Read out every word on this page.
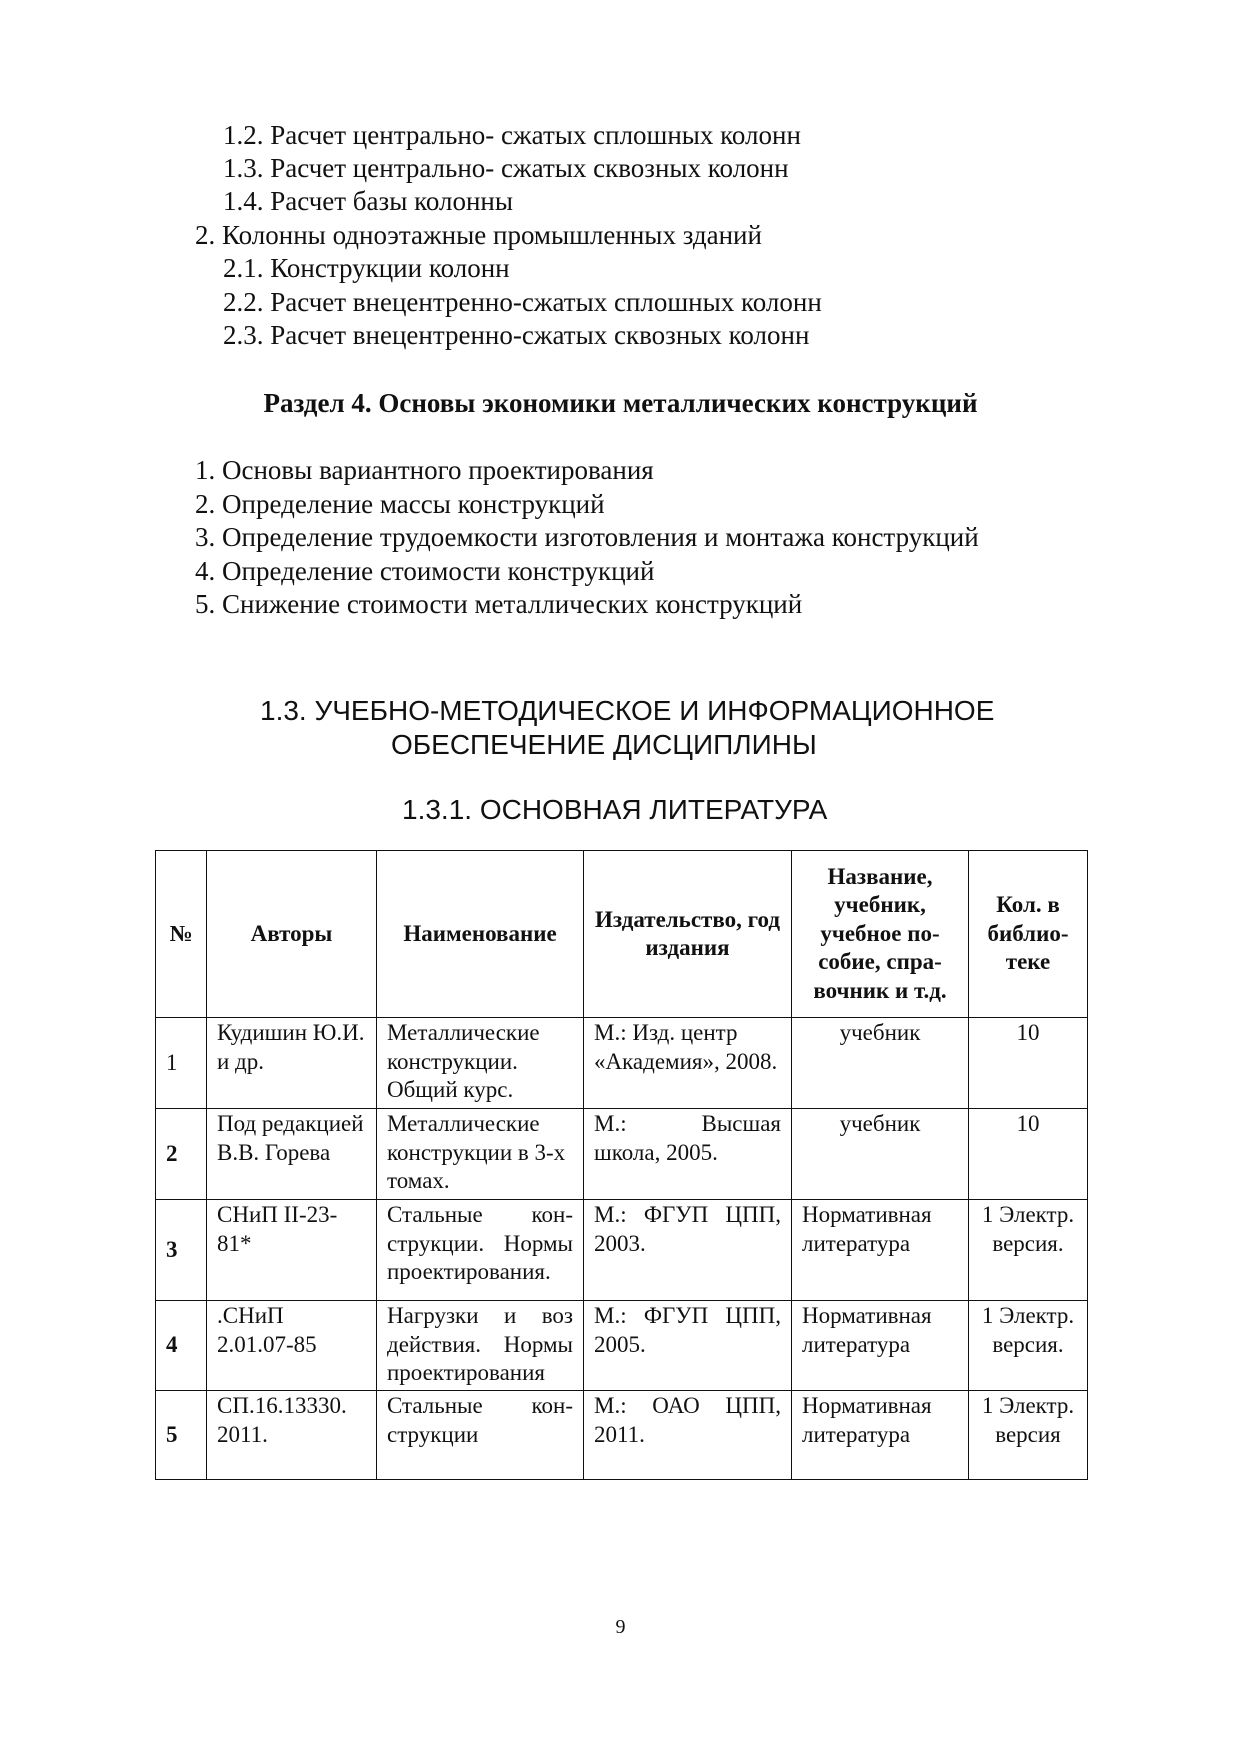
1.2. Расчет центрально- сжатых сплошных колонн
1.3. Расчет центрально- сжатых сквозных колонн
1.4. Расчет базы колонны
2. Колонны одноэтажные промышленных зданий
2.1. Конструкции колонн
2.2. Расчет внецентренно-сжатых сплошных колонн
2.3. Расчет внецентренно-сжатых сквозных колонн
Раздел 4. Основы экономики металлических конструкций
1. Основы вариантного проектирования
2. Определение массы конструкций
3. Определение трудоемкости изготовления и монтажа конструкций
4. Определение стоимости конструкций
5. Снижение стоимости металлических конструкций
1.3. УЧЕБНО-МЕТОДИЧЕСКОЕ И ИНФОРМАЦИОННОЕ
ОБЕСПЕЧЕНИЕ ДИСЦИПЛИНЫ
1.3.1. ОСНОВНАЯ ЛИТЕРАТУРА
№	Авторы	Наименование	Издательство, год издания	Название, учебник, учебное по-собие, спра-вочник и т.д.	Кол. в библио-теке
1	Кудишин Ю.И. и др.	Металлические конструкции. Общий курс.	М.: Изд. центр «Академия», 2008.	учебник	10
2	Под редакцией В.В. Горева	Металлические конструкции в 3-х томах.	М.: Высшая школа, 2005.	учебник	10
3	СНиП II-23-81*	Стальные кон-струкции. Нормы проектирования.	М.: ФГУП ЦПП, 2003.	Нормативная литература	1 Электр. версия.
4	.СНиП 2.01.07-85	Нагрузки и воз действия. Нормы проектирования	М.: ФГУП ЦПП, 2005.	Нормативная литература	1 Электр. версия.
5	СП.16.13330. 2011.	Стальные кон-струкции	М.: ОАО ЦПП, 2011.	Нормативная литература	1 Электр. версия
9
